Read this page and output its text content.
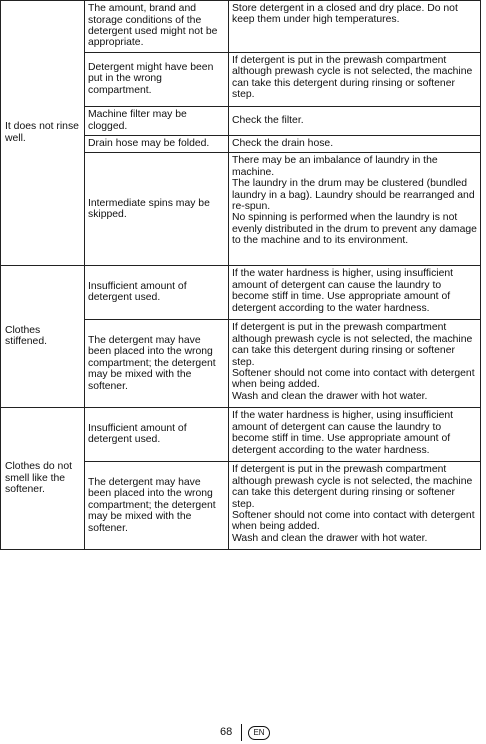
It does not rinse well.	The amount, brand and storage conditions of the detergent used might not be appropriate.	Store detergent in a closed and dry place. Do not keep them under high temperatures.

	Detergent might have been put in the wrong compartment.	If detergent is put in the prewash compartment although prewash cycle is not selected, the machine can take this detergent during rinsing or softener step.

	Machine filter may be clogged.	Check the filter.

	Drain hose may be folded.	Check the drain hose.

	Intermediate spins may be skipped.	There may be an imbalance of laundry in the machine.
The laundry in the drum may be clustered (bundled laundry in a bag). Laundry should be rearranged and re-spun.
No spinning is performed when the laundry is not evenly distributed in the drum to prevent any damage to the machine and to its environment.

Clothes stiffened.	Insufficient amount of detergent used.	If the water hardness is higher, using insufficient amount of detergent can cause the laundry to become stiff in time. Use appropriate amount of detergent according to the water hardness.

	The detergent may have been placed into the wrong compartment; the detergent may be mixed with the softener.	If detergent is put in the prewash compartment although prewash cycle is not selected, the machine can take this detergent during rinsing or softener step.
Softener should not come into contact with detergent when being added.
Wash and clean the drawer with hot water.

Clothes do not smell like the softener.	Insufficient amount of detergent used.	If the water hardness is higher, using insufficient amount of detergent can cause the laundry to become stiff in time. Use appropriate amount of detergent according to the water hardness.

	The detergent may have been placed into the wrong compartment; the detergent may be mixed with the softener.	If detergent is put in the prewash compartment although prewash cycle is not selected, the machine can take this detergent during rinsing or softener step.
Softener should not come into contact with detergent when being added.
Wash and clean the drawer with hot water.
68	EN
